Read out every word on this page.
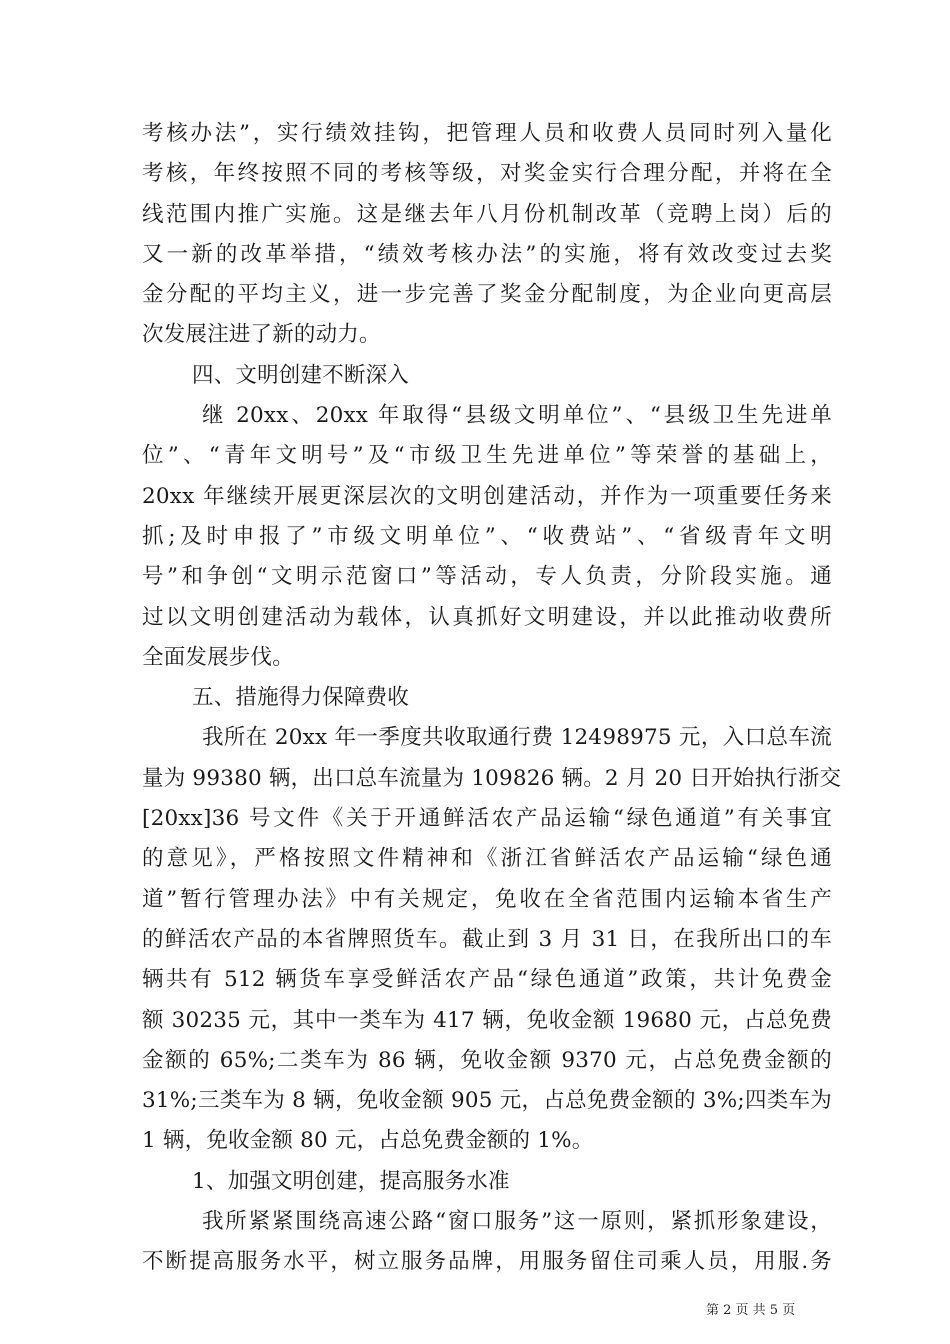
考核办法”，实行绩效挂钩，把管理人员和收费人员同时列入量化
考核，年终按照不同的考核等级，对奖金实行合理分配，并将在全
线范围内推广实施。这是继去年八月份机制改革（竞聘上岗）后的
又一新的改革举措，“绩效考核办法”的实施，将有效改变过去奖
金分配的平均主义，进一步完善了奖金分配制度，为企业向更高层
次发展注进了新的动力。
四、文明创建不断深入
继 20xx、20xx 年取得“县级文明单位”、“县级卫生先进单
位”、“青年文明号”及“市级卫生先进单位”等荣誉的基础上，
20xx 年继续开展更深层次的文明创建活动，并作为一项重要任务来
抓;及时申报了”市级文明单位”、“收费站”、“省级青年文明
号”和争创“文明示范窗口”等活动，专人负责，分阶段实施。通
过以文明创建活动为载体，认真抓好文明建设，并以此推动收费所
全面发展步伐。
五、措施得力保障费收
我所在 20xx 年一季度共收取通行费 12498975 元，入口总车流
量为 99380 辆，出口总车流量为 109826 辆。2 月 20 日开始执行浙交
[20xx]36 号文件《关于开通鲜活农产品运输“绿色通道”有关事宜
的意见》，严格按照文件精神和《浙江省鲜活农产品运输“绿色通
道”暂行管理办法》中有关规定，免收在全省范围内运输本省生产
的鲜活农产品的本省牌照货车。截止到 3 月 31 日，在我所出口的车
辆共有 512 辆货车享受鲜活农产品“绿色通道”政策，共计免费金
额 30235 元，其中一类车为 417 辆，免收金额 19680 元，占总免费
金额的 65%;二类车为 86 辆，免收金额 9370 元，占总免费金额的
31%;三类车为 8 辆，免收金额 905 元，占总免费金额的 3%;四类车为
1 辆，免收金额 80 元，占总免费金额的 1%。
1、加强文明创建，提高服务水准
我所紧紧围绕高速公路“窗口服务”这一原则，紧抓形象建设，
不断提高服务水平，树立服务品牌，用服务留住司乘人员，用服.务
第 2 页 共 5 页
